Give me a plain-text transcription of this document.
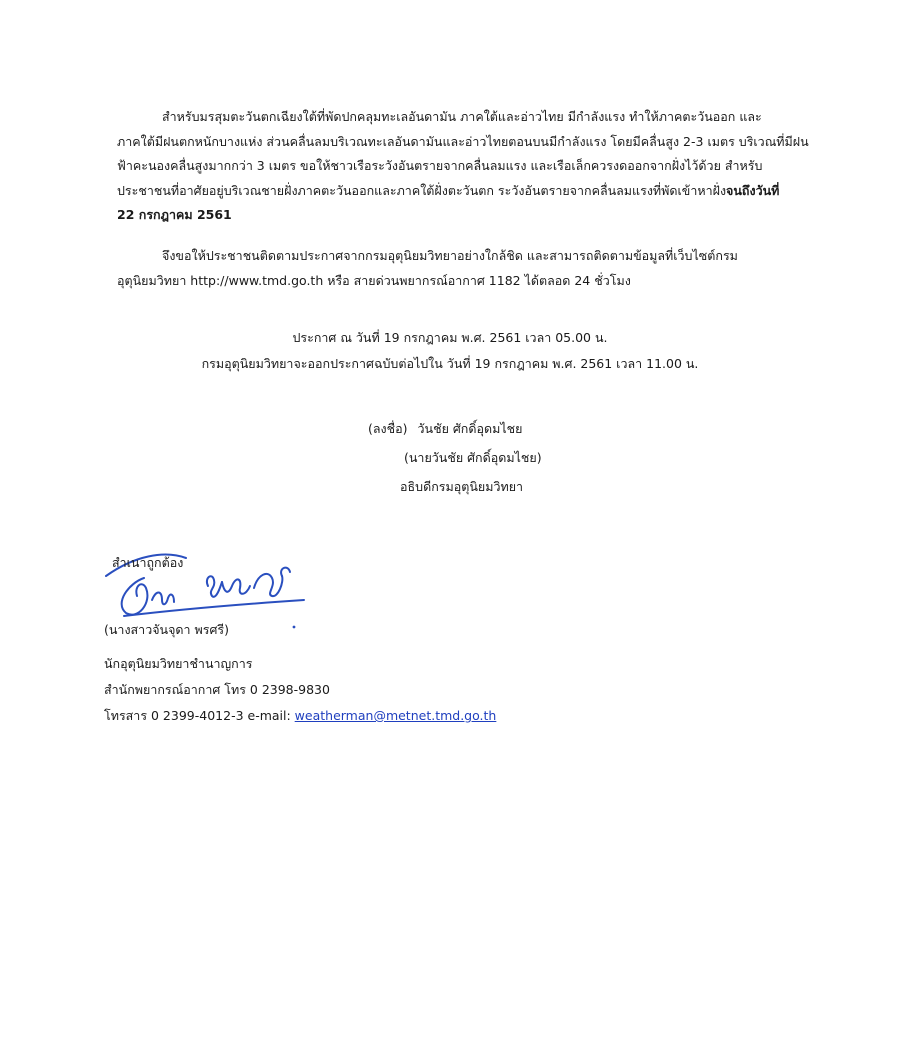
สำหรับมรสุมตะวันตกเฉียงใต้ที่พัดปกคลุมทะเลอันดามัน ภาคใต้และอ่าวไทย มีกำลังแรง ทำให้ภาคตะวันออก และ
ภาคใต้มีฝนตกหนักบางแห่ง ส่วนคลื่นลมบริเวณทะเลอันดามันและอ่าวไทยตอนบนมีกำลังแรง โดยมีคลื่นสูง 2-3 เมตร บริเวณที่มีฝน
ฟ้าคะนองคลื่นสูงมากกว่า 3 เมตร ขอให้ชาวเรือระวังอันตรายจากคลื่นลมแรง และเรือเล็กควรงดออกจากฝั่งไว้ด้วย สำหรับ
ประชาชนที่อาศัยอยู่บริเวณชายฝั่งภาคตะวันออกและภาคใต้ฝั่งตะวันตก ระวังอันตรายจากคลื่นลมแรงที่พัดเข้าหาฝั่งจนถึงวันที่
22 กรกฎาคม 2561
จึงขอให้ประชาชนติดตามประกาศจากกรมอุตุนิยมวิทยาอย่างใกล้ชิด และสามารถติดตามข้อมูลที่เว็บไซต์กรม
อุตุนิยมวิทยา http://www.tmd.go.th หรือ สายด่วนพยากรณ์อากาศ 1182 ได้ตลอด 24 ชั่วโมง
ประกาศ ณ วันที่ 19 กรกฎาคม พ.ศ. 2561 เวลา 05.00 น.
กรมอุตุนิยมวิทยาจะออกประกาศฉบับต่อไปใน วันที่ 19 กรกฎาคม พ.ศ. 2561 เวลา 11.00 น.
(ลงชื่อ) วันชัย ศักดิ์อุดมไชย
(นายวันชัย ศักดิ์อุดมไชย)
อธิบดีกรมอุตุนิยมวิทยา
สำเนาถูกต้อง
(นางสาวจันจุดา พรศรี)
นักอุตุนิยมวิทยาชำนาญการ
สำนักพยากรณ์อากาศ โทร 0 2398-9830
โทรสาร 0 2399-4012-3 e-mail: weatherman@metnet.tmd.go.th
